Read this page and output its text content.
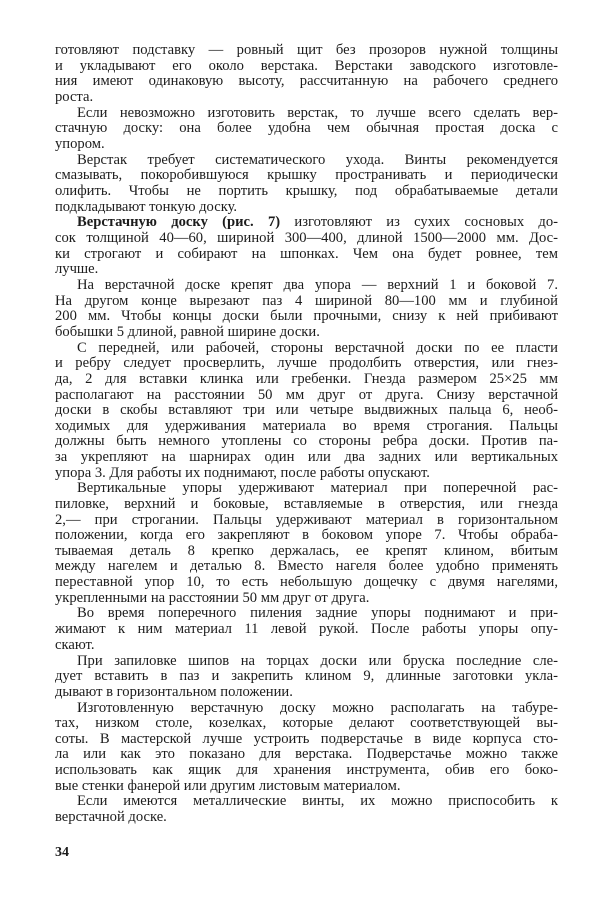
готовляют подставку — ровный щит без прозоров нужной толщины
и укладывают его около верстака. Верстаки заводского изготовле-
ния имеют одинаковую высоту, рассчитанную на рабочего среднего
роста.
Если невозможно изготовить верстак, то лучше всего сделать вер-
стачную доску: она более удобна чем обычная простая доска с
упором.
Верстак требует систематического ухода. Винты рекомендуется
смазывать, покоробившуюся крышку пространивать и периодически
олифить. Чтобы не портить крышку, под обрабатываемые детали
подкладывают тонкую доску.
Верстачную доску (рис. 7) изготовляют из сухих сосновых до-
сок толщиной 40—60, шириной 300—400, длиной 1500—2000 мм. Дос-
ки строгают и собирают на шпонках. Чем она будет ровнее, тем
лучше.
На верстачной доске крепят два упора — верхний 1 и боковой 7.
На другом конце вырезают паз 4 шириной 80—100 мм и глубиной
200 мм. Чтобы концы доски были прочными, снизу к ней прибивают
бобышки 5 длиной, равной ширине доски.
С передней, или рабочей, стороны верстачной доски по ее пласти
и ребру следует просверлить, лучше продолбить отверстия, или гнез-
да, 2 для вставки клинка или гребенки. Гнезда размером 25×25 мм
располагают на расстоянии 50 мм друг от друга. Снизу верстачной
доски в скобы вставляют три или четыре выдвижных пальца 6, необ-
ходимых для удерживания материала во время строгания. Пальцы
должны быть немного утоплены со стороны ребра доски. Против па-
за укрепляют на шарнирах один или два задних или вертикальных
упора 3. Для работы их поднимают, после работы опускают.
Вертикальные упоры удерживают материал при поперечной рас-
пиловке, верхний и боковые, вставляемые в отверстия, или гнезда
2,— при строгании. Пальцы удерживают материал в горизонтальном
положении, когда его закрепляют в боковом упоре 7. Чтобы обраба-
тываемая деталь 8 крепко держалась, ее крепят клином, вбитым
между нагелем и деталью 8. Вместо нагеля более удобно применять
переставной упор 10, то есть небольшую дощечку с двумя нагелями,
укрепленными на расстоянии 50 мм друг от друга.
Во время поперечного пиления задние упоры поднимают и при-
жимают к ним материал 11 левой рукой. После работы упоры опу-
скают.
При запиловке шипов на торцах доски или бруска последние сле-
дует вставить в паз и закрепить клином 9, длинные заготовки укла-
дывают в горизонтальном положении.
Изготовленную верстачную доску можно располагать на табуре-
тах, низком столе, козелках, которые делают соответствующей вы-
соты. В мастерской лучше устроить подверстачье в виде корпуса сто-
ла или как это показано для верстака. Подверстачье можно также
использовать как ящик для хранения инструмента, обив его боко-
вые стенки фанерой или другим листовым материалом.
Если имеются металлические винты, их можно приспособить к
верстачной доске.
34
